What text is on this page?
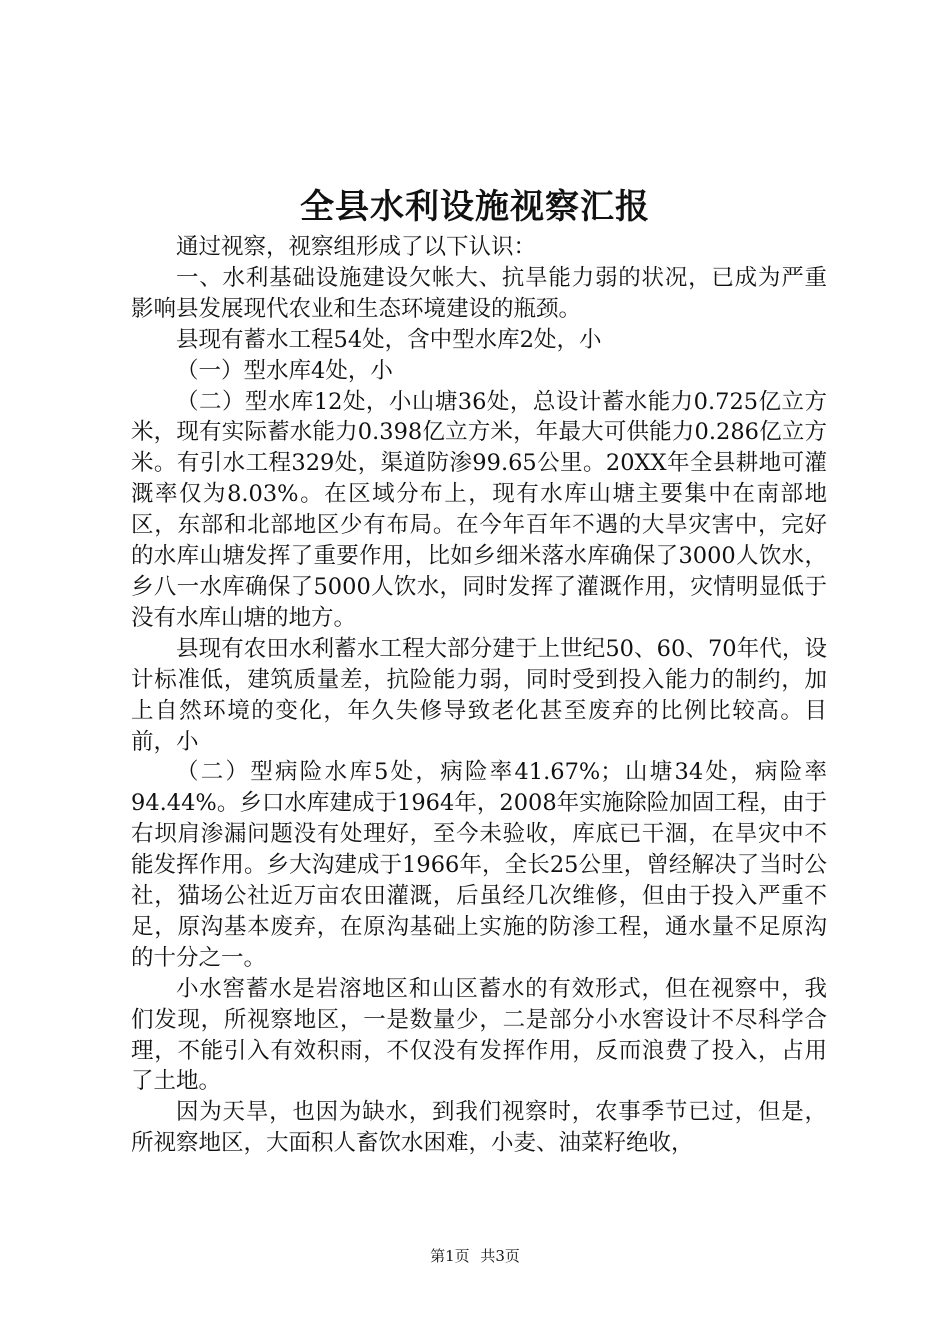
全县水利设施视察汇报

通过视察，视察组形成了以下认识：

一、水利基础设施建设欠帐大、抗旱能力弱的状况，已成为严重影响县发展现代农业和生态环境建设的瓶颈。

县现有蓄水工程54处，含中型水库2处，小

（一）型水库4处，小

（二）型水库12处，小山塘36处，总设计蓄水能力0.725亿立方米，现有实际蓄水能力0.398亿立方米，年最大可供能力0.286亿立方米。有引水工程329处，渠道防渗99.65公里。20XX年全县耕地可灌溉率仅为8.03%。在区域分布上，现有水库山塘主要集中在南部地区，东部和北部地区少有布局。在今年百年不遇的大旱灾害中，完好的水库山塘发挥了重要作用，比如乡细米落水库确保了3000人饮水，乡八一水库确保了5000人饮水，同时发挥了灌溉作用，灾情明显低于没有水库山塘的地方。

县现有农田水利蓄水工程大部分建于上世纪50、60、70年代，设计标准低，建筑质量差，抗险能力弱，同时受到投入能力的制约，加上自然环境的变化，年久失修导致老化甚至废弃的比例比较高。目前，小

（二）型病险水库5处，病险率41.67%；山塘34处，病险率94.44%。乡口水库建成于1964年，2008年实施除险加固工程，由于右坝肩渗漏问题没有处理好，至今未验收，库底已干涸，在旱灾中不能发挥作用。乡大沟建成于1966年，全长25公里，曾经解决了当时公社，猫场公社近万亩农田灌溉，后虽经几次维修，但由于投入严重不足，原沟基本废弃，在原沟基础上实施的防渗工程，通水量不足原沟的十分之一。

小水窖蓄水是岩溶地区和山区蓄水的有效形式，但在视察中，我们发现，所视察地区，一是数量少，二是部分小水窖设计不尽科学合理，不能引入有效积雨，不仅没有发挥作用，反而浪费了投入，占用了土地。

因为天旱，也因为缺水，到我们视察时，农事季节已过，但是，所视察地区，大面积人畜饮水困难，小麦、油菜籽绝收，

第1页 共3页
